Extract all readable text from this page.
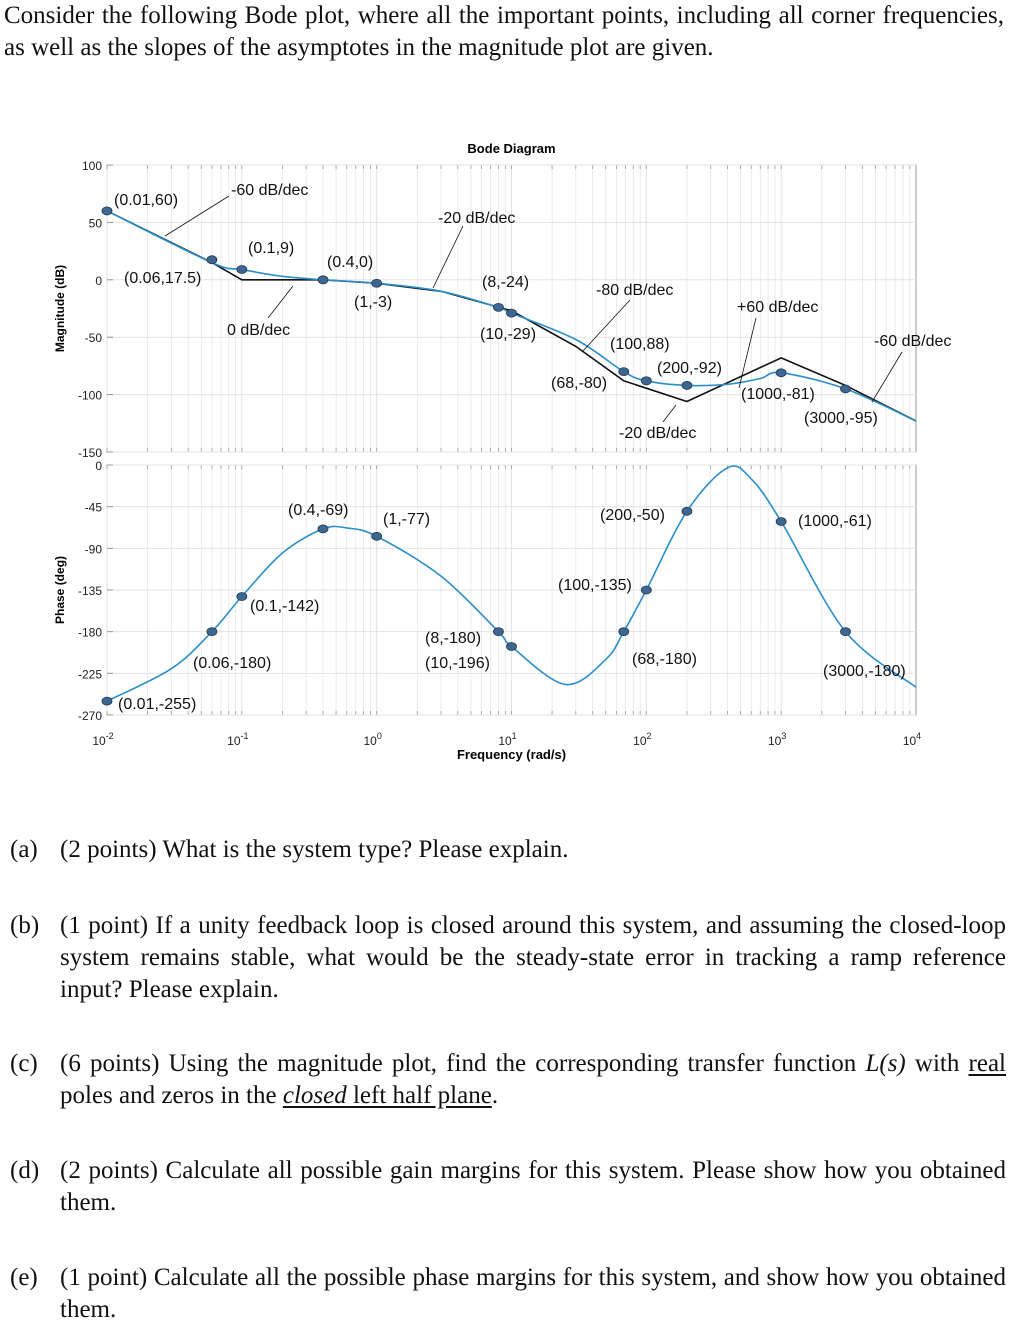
Consider the following Bode plot, where all the important points, including all corner frequencies, as well as the slopes of the asymptotes in the magnitude plot are given.
100
50
0
-50
-100
-150
0
-45
-90
-135
-180
-225
-270
$10^{-2}$	$10^{-1}$	$10^0$	$10^1$	$10^2$	$10^3$	$10^4$
Bode Diagram
Frequency (rad/s)
Magnitude (dB)
Phase (deg)
(0.01,60)
(0.06,17.5)
(0.1,9)
(0.4,0)
(1,-3)
(8,-24)
(10,-29)
(68,-80)
(100,88)
(200,-92)
(1000,-81)
(3000,-95)
(0.01,-255)
(0.06,-180)
(0.1,-142)
(0.4,-69)
(1,-77)
(8,-180)
(10,-196)	(68,-180)
(100,-135)
(200,-50)	(1000,-61)
(3000,-180)
-60 dB/dec
0 dB/dec
-20 dB/dec
-80 dB/dec
-20 dB/dec
+60 dB/dec
-60 dB/dec
(a) (2 points) What is the system type? Please explain.
(b) (1 point) If a unity feedback loop is closed around this system, and assuming the closed-loop system remains stable, what would be the steady-state error in tracking a ramp reference input? Please explain.
(c) (6 points) Using the magnitude plot, find the corresponding transfer function L(s) with real poles and zeros in the closed left half plane.
(d) (2 points) Calculate all possible gain margins for this system. Please show how you obtained them.
(e) (1 point) Calculate all the possible phase margins for this system, and show how you obtained them.
